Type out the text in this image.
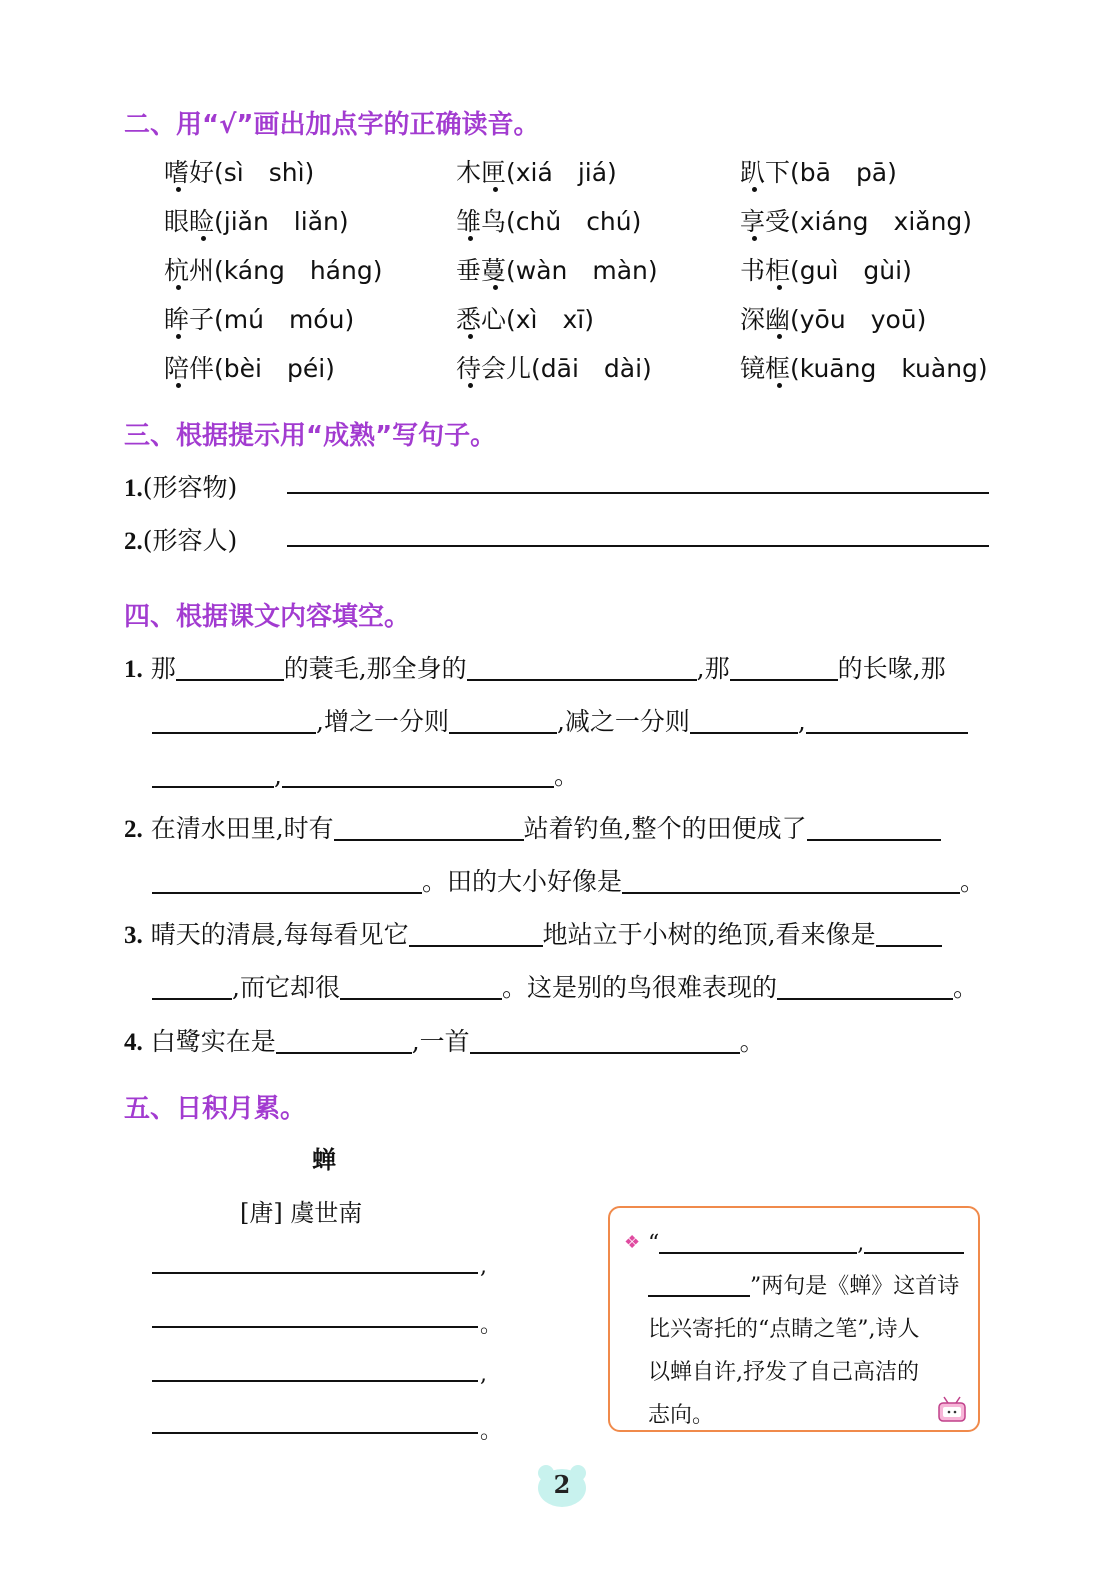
二、用“√”画出加点字的正确读音。
嗜好(sì　shì)	木匣(xiá　jiá)	趴下(bā　pā)
眼睑(jiǎn　liǎn)	雏鸟(chǔ　chú)	享受(xiáng　xiǎng)
杭州(káng　háng)	垂蔓(wàn　màn)	书柜(guì　gùi)
眸子(mú　móu)	悉心(xì　xī)	深幽(yōu　yoū)
陪伴(bèi　péi)	待会儿(dāi　dài)	镜框(kuāng　kuàng)
三、根据提示用“成熟”写句子。
1.(形容物)
2.(形容人)
四、根据课文内容填空。
1. 那	的蓑毛,那全身的	,那	的长喙,那
,增之一分则	,减之一分则	,
,	。
2. 在清水田里,时有	站着钓鱼,整个的田便成了
。田的大小好像是	。
3. 晴天的清晨,每每看见它	地站立于小树的绝顶,看来像是
,而它却很	。这是别的鸟很难表现的	。
4. 白鹭实在是	,一首	。
五、日积月累。
蝉
[唐] 虞世南
,
。
,
。
❖ “	,
”两句是《蝉》这首诗
比兴寄托的“点睛之笔”,诗人
以蝉自许,抒发了自己高洁的
志向。
2
